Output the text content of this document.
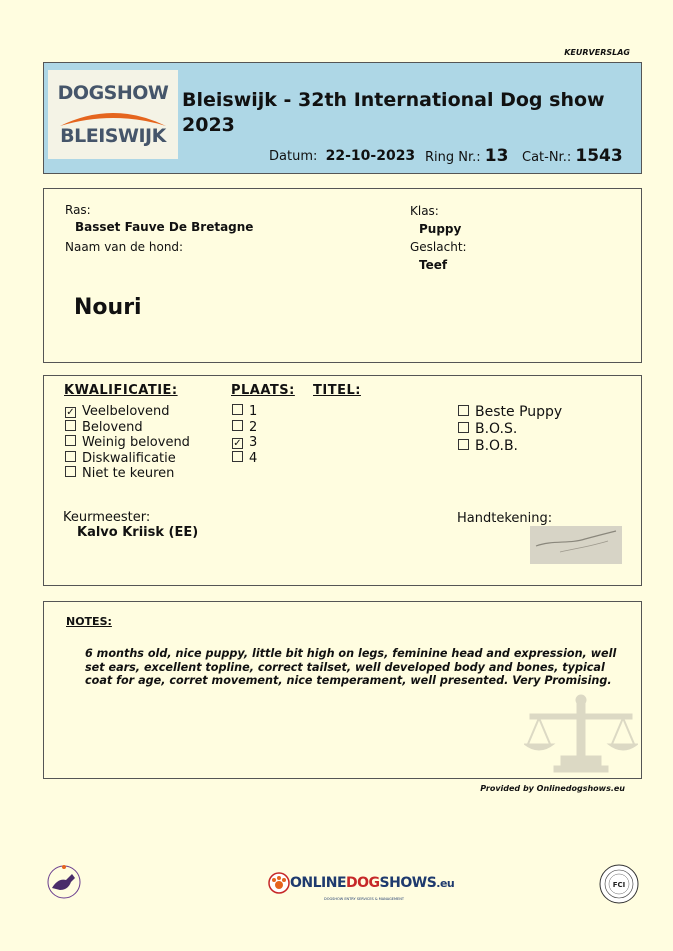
KEURVERSLAG
DOGSHOW
BLEISWIJK
Bleiswijk - 32th International Dog show 2023
Datum: 22-10-2023 Ring Nr.: 13 Cat-Nr.: 1543
Ras:
Basset Fauve De Bretagne
Naam van de hond:
Nouri
Klas:
Puppy
Geslacht:
Teef
KWALIFICATIE:	PLAATS: TITEL:
✓ Veelbelovend
Belovend
Weinig belovend
Diskwalificatie
Niet te keuren
1
2
✓ 3
4
Beste Puppy
B.O.S.
B.O.B.
Keurmeester:
Kalvo Kriisk (EE)
Handtekening:
NOTES:
6 months old, nice puppy, little bit high on legs, feminine head and expression, well set ears, excellent topline, correct tailset, well developed body and bones, typical coat for age, corret movement, nice temperament, well presented. Very Promising.
Provided by Onlinedogshows.eu
ONLINEDOGSHOWS.eu
DOGSHOW ENTRY SERVICES & MANAGEMENT
FCI
